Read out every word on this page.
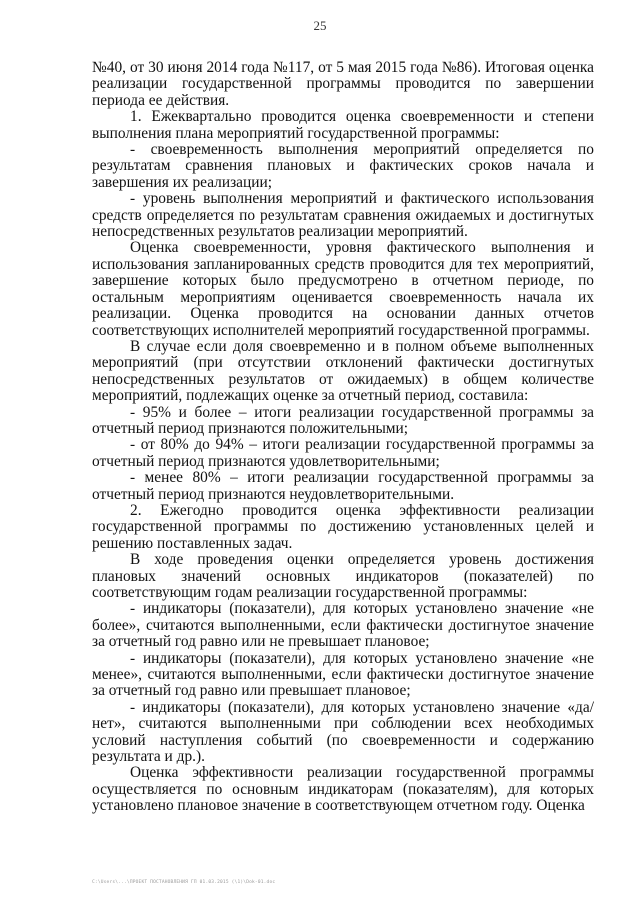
25

№40, от 30 июня 2014 года №117, от 5 мая 2015 года №86). Итоговая оценка реализации государственной программы проводится по завершении периода ее действия.

1. Ежеквартально проводится оценка своевременности и степени выполнения плана мероприятий государственной программы:

- своевременность выполнения мероприятий определяется по результатам сравнения плановых и фактических сроков начала и завершения их реализации;

- уровень выполнения мероприятий и фактического использования средств определяется по результатам сравнения ожидаемых и достигнутых непосредственных результатов реализации мероприятий.

Оценка своевременности, уровня фактического выполнения и использования запланированных средств проводится для тех мероприятий, завершение которых было предусмотрено в отчетном периоде, по остальным мероприятиям оценивается своевременность начала их реализации. Оценка проводится на основании данных отчетов соответствующих исполнителей мероприятий государственной программы.

В случае если доля своевременно и в полном объеме выполненных мероприятий (при отсутствии отклонений фактически достигнутых непосредственных результатов от ожидаемых) в общем количестве мероприятий, подлежащих оценке за отчетный период, составила:

- 95% и более – итоги реализации государственной программы за отчетный период признаются положительными;

- от 80% до 94% – итоги реализации государственной программы за отчетный период признаются удовлетворительными;

- менее 80% – итоги реализации государственной программы за отчетный период признаются неудовлетворительными.

2. Ежегодно проводится оценка эффективности реализации государственной программы по достижению установленных целей и решению поставленных задач.

В ходе проведения оценки определяется уровень достижения плановых значений основных индикаторов (показателей) по соответствующим годам реализации государственной программы:

- индикаторы (показатели), для которых установлено значение «не более», считаются выполненными, если фактически достигнутое значение за отчетный год равно или не превышает плановое;

- индикаторы (показатели), для которых установлено значение «не менее», считаются выполненными, если фактически достигнутое значение за отчетный год равно или превышает плановое;

- индикаторы (показатели), для которых установлено значение «да/нет», считаются выполненными при соблюдении всех необходимых условий наступления событий (по своевременности и содержанию результата и др.).

Оценка эффективности реализации государственной программы осуществляется по основным индикаторам (показателям), для которых установлено плановое значение в соответствующем отчетном году. Оценка

C:\Users\...\ПРОЕКТ ПОСТАНОВЛЕНИЯ ГП 01.03.2015 (\1)\Dok-01.doc
